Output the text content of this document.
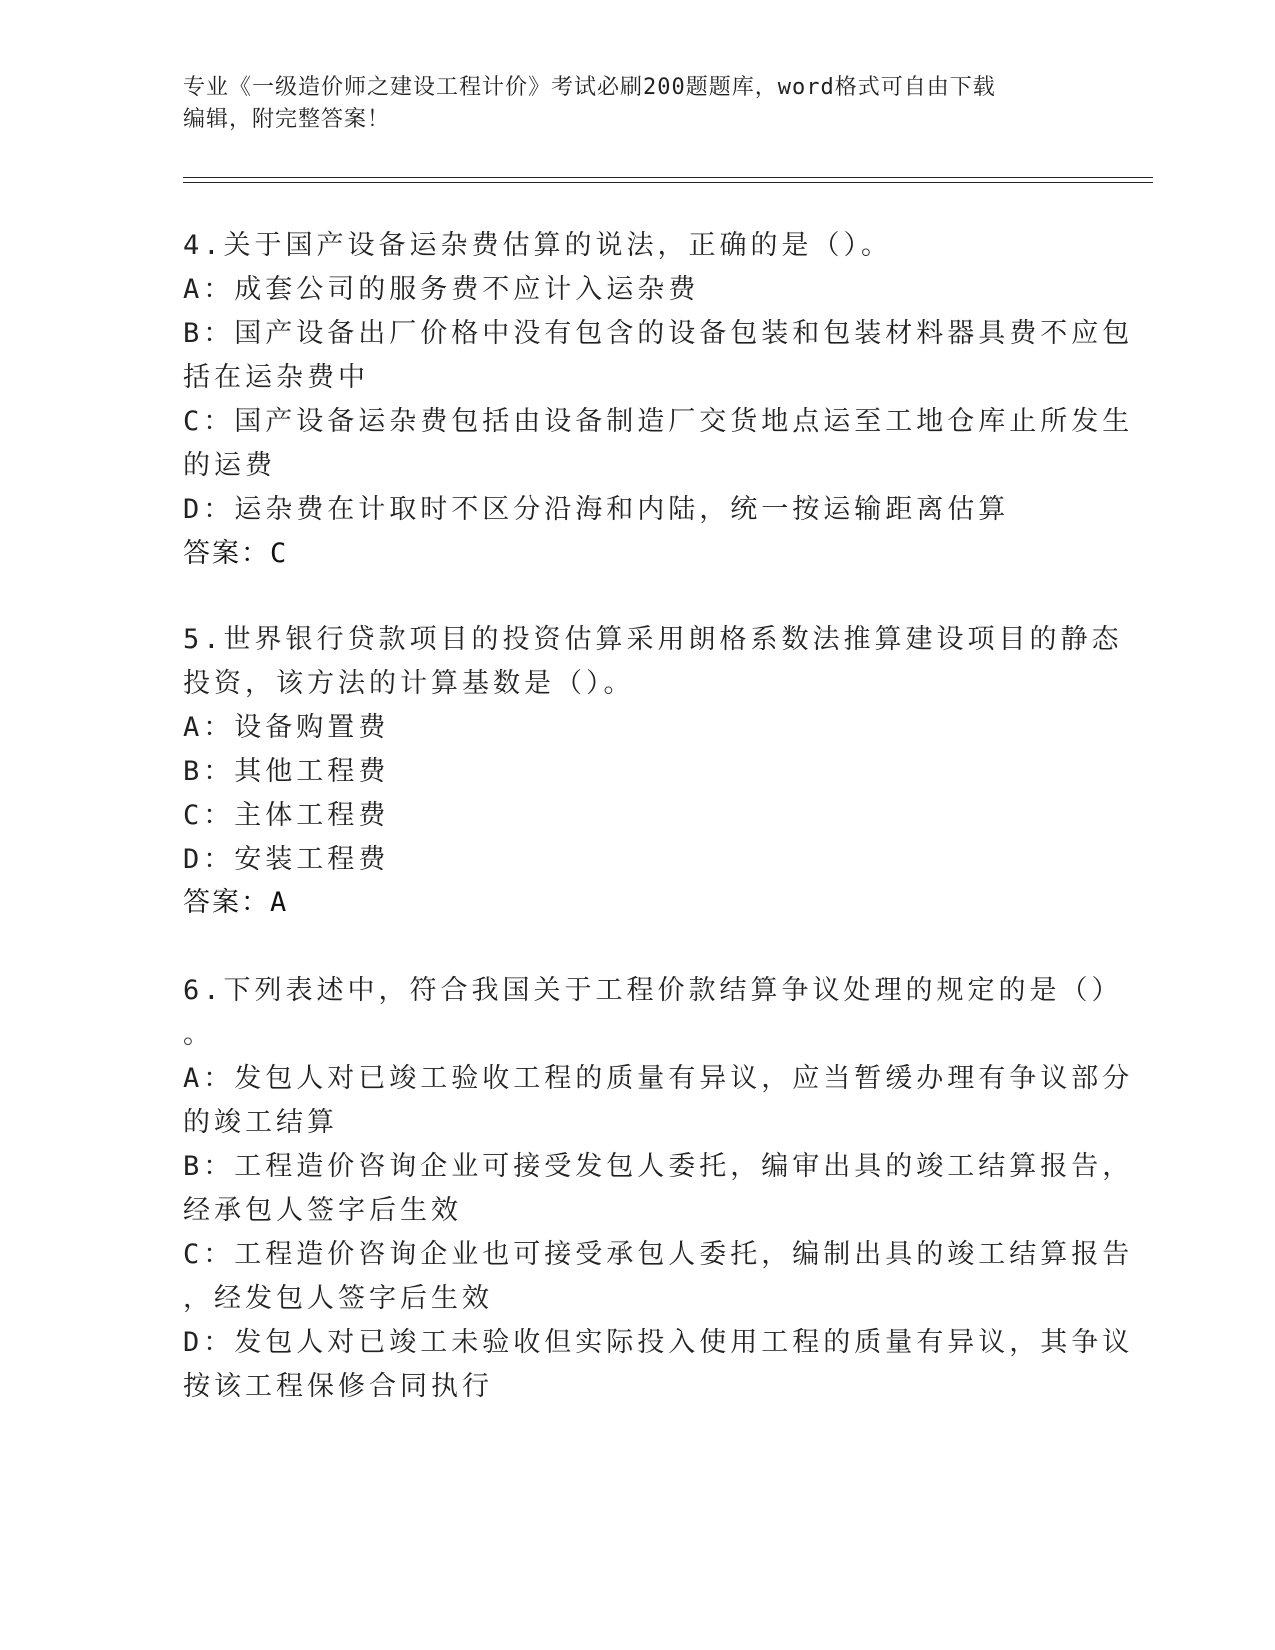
专业《一级造价师之建设工程计价》考试必刷200题题库，word格式可自由下载
编辑，附完整答案！
4.关于国产设备运杂费估算的说法，正确的是（）。
A：成套公司的服务费不应计入运杂费
B：国产设备出厂价格中没有包含的设备包装和包装材料器具费不应包
括在运杂费中
C：国产设备运杂费包括由设备制造厂交货地点运至工地仓库止所发生
的运费
D：运杂费在计取时不区分沿海和内陆，统一按运输距离估算
答案：C
5.世界银行贷款项目的投资估算采用朗格系数法推算建设项目的静态
投资，该方法的计算基数是（）。
A：设备购置费
B：其他工程费
C：主体工程费
D：安装工程费
答案：A
6.下列表述中，符合我国关于工程价款结算争议处理的规定的是（）
。
A：发包人对已竣工验收工程的质量有异议，应当暂缓办理有争议部分
的竣工结算
B：工程造价咨询企业可接受发包人委托，编审出具的竣工结算报告，
经承包人签字后生效
C：工程造价咨询企业也可接受承包人委托，编制出具的竣工结算报告
，经发包人签字后生效
D：发包人对已竣工未验收但实际投入使用工程的质量有异议，其争议
按该工程保修合同执行
